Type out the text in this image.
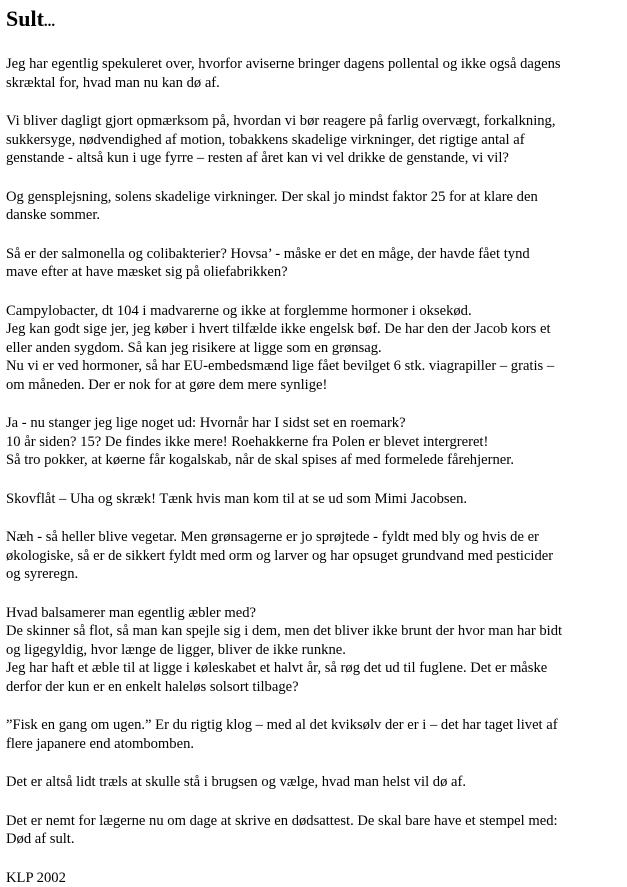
Sult...

Jeg har egentlig spekuleret over, hvorfor aviserne bringer dagens pollental og ikke også dagens
skræktal for, hvad man nu kan dø af.

Vi bliver dagligt gjort opmærksom på, hvordan vi bør reagere på farlig overvægt, forkalkning,
sukkersyge, nødvendighed af motion, tobakkens skadelige virkninger, det rigtige antal af
genstande - altså kun i uge fyrre – resten af året kan vi vel drikke de genstande, vi vil?

Og gensplejsning, solens skadelige virkninger. Der skal jo mindst faktor 25 for at klare den
danske sommer.

Så er der salmonella og colibakterier? Hovsa’ - måske er det en måge, der havde fået tynd
mave efter at have mæsket sig på oliefabrikken?

Campylobacter, dt 104 i madvarerne og ikke at forglemme hormoner i oksekød.
Jeg kan godt sige jer, jeg køber i hvert tilfælde ikke engelsk bøf. De har den der Jacob kors et
eller anden sygdom. Så kan jeg risikere at ligge som en grønsag.
Nu vi er ved hormoner, så har EU-embedsmænd lige fået bevilget 6 stk. viagrapiller – gratis –
om måneden. Der er nok for at gøre dem mere synlige!

Ja - nu stanger jeg lige noget ud: Hvornår har I sidst set en roemark?
10 år siden? 15? De findes ikke mere! Roehakkerne fra Polen er blevet intergreret!
Så tro pokker, at køerne får kogalskab, når de skal spises af med formelede fårehjerner.

Skovflåt – Uha og skræk! Tænk hvis man kom til at se ud som Mimi Jacobsen.

Næh - så heller blive vegetar. Men grønsagerne er jo sprøjtede - fyldt med bly og hvis de er
økologiske, så er de sikkert fyldt med orm og larver og har opsuget grundvand med pesticider
og syreregn.

Hvad balsamerer man egentlig æbler med?
De skinner så flot, så man kan spejle sig i dem, men det bliver ikke brunt der hvor man har bidt
og ligegyldig, hvor længe de ligger, bliver de ikke runkne.
Jeg har haft et æble til at ligge i køleskabet et halvt år, så røg det ud til fuglene. Det er måske
derfor der kun er en enkelt haleløs solsort tilbage?

”Fisk en gang om ugen.” Er du rigtig klog – med al det kviksølv der er i – det har taget livet af
flere japanere end atombomben.

Det er altså lidt træls at skulle stå i brugsen og vælge, hvad man helst vil dø af.

Det er nemt for lægerne nu om dage at skrive en dødsattest. De skal bare have et stempel med:
Død af sult.

KLP 2002
